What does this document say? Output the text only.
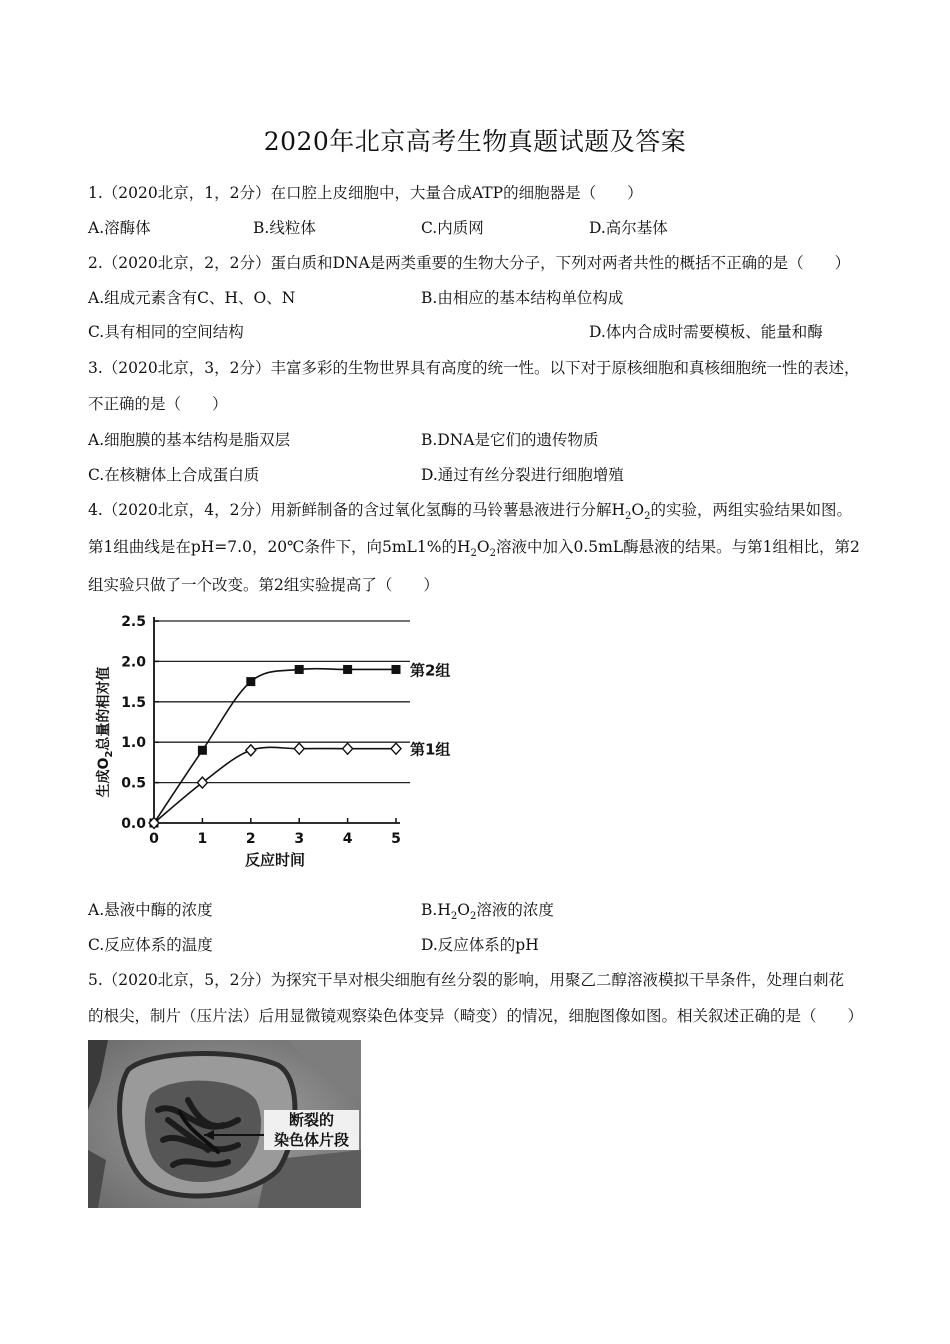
2020年北京高考生物真题试题及答案
1.（2020北京，1，2分）在口腔上皮细胞中，大量合成ATP的细胞器是（　　）
A.溶酶体	B.线粒体	C.内质网	D.高尔基体
2.（2020北京，2，2分）蛋白质和DNA是两类重要的生物大分子，下列对两者共性的概括不正确的是（　　）
A.组成元素含有C、H、O、N	B.由相应的基本结构单位构成
C.具有相同的空间结构	D.体内合成时需要模板、能量和酶
3.（2020北京，3，2分）丰富多彩的生物世界具有高度的统一性。以下对于原核细胞和真核细胞统一性的表述，
不正确的是（　　）
A.细胞膜的基本结构是脂双层	B.DNA是它们的遗传物质
C.在核糖体上合成蛋白质	D.通过有丝分裂进行细胞增殖
4.（2020北京，4，2分）用新鲜制备的含过氧化氢酶的马铃薯悬液进行分解$H_2O_2$的实验，两组实验结果如图。
第1组曲线是在pH=7.0，20℃条件下，向5mL1%的$H_2O_2$溶液中加入0.5mL酶悬液的结果。与第1组相比，第2
组实验只做了一个改变。第2组实验提高了（　　）
0.0
0.5
1.0
1.5
2.0
2.5
0	1	2	3	4	5
反应时间
生成$O_2$总量的相对值	第2组
第1组
A.悬液中酶的浓度	$B.H_2O_2$溶液的浓度
C.反应体系的温度	D.反应体系的pH
5.（2020北京，5，2分）为探究干旱对根尖细胞有丝分裂的影响，用聚乙二醇溶液模拟干旱条件，处理白刺花
的根尖，制片（压片法）后用显微镜观察染色体变异（畸变）的情况，细胞图像如图。相关叙述正确的是（　　）
断裂的
染色体片段
